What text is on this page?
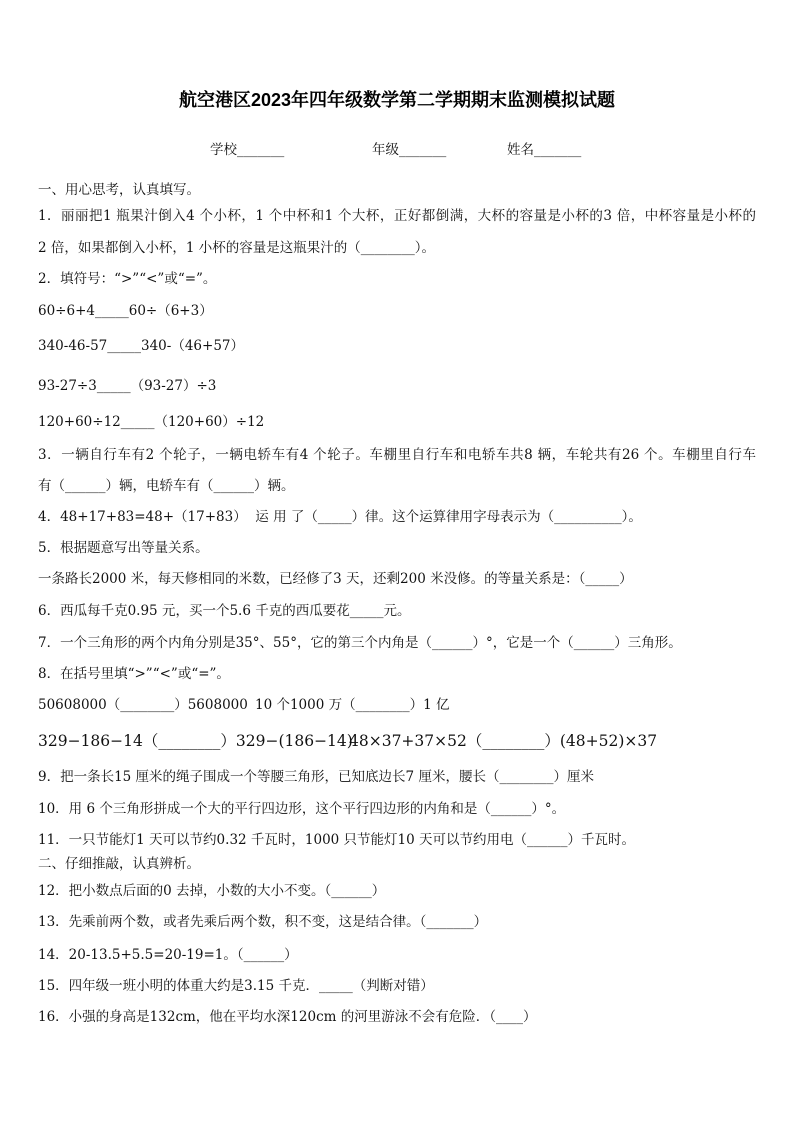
航空港区2023年四年级数学第二学期期末监测模拟试题
学校_______	年级_______	姓名_______
一、用心思考，认真填写。
1．丽丽把1 瓶果汁倒入4 个小杯，1 个中杯和1 个大杯，正好都倒满，大杯的容量是小杯的3 倍，中杯容量是小杯的
2 倍，如果都倒入小杯，1 小杯的容量是这瓶果汁的（________）。
2．填符号：“>”“<”或“=”。
60÷6+4_____60÷（6+3）
340-46-57_____340-（46+57）
93-27÷3_____（93-27）÷3
120+60÷12_____（120+60）÷12
3．一辆自行车有2 个轮子，一辆电轿车有4 个轮子。车棚里自行车和电轿车共8 辆，车轮共有26 个。车棚里自行车
有（______）辆，电轿车有（______）辆。
4．48+17+83=48+（17+83）  运 用 了（_____）律。这个运算律用字母表示为（__________）。
5．根据题意写出等量关系。
一条路长2000 米，每天修相同的米数，已经修了3 天，还剩200 米没修。的等量关系是：（_____）
6．西瓜每千克0.95 元，买一个5.6 千克的西瓜要花_____元。
7．一个三角形的两个内角分别是35°、55°，它的第三个内角是（______）°，它是一个（______）三角形。
8．在括号里填“>”“<”或“=”。
50608000（________）5608000 10 个1000 万（________）1 亿
329−186−14（________）329−(186−14)
48×37+37×52（________）(48+52)×37
9．把一条长15 厘米的绳子围成一个等腰三角形，已知底边长7 厘米，腰长（________）厘米
10．用 6 个三角形拼成一个大的平行四边形，这个平行四边形的内角和是（______）°。
11．一只节能灯1 天可以节约0.32 千瓦时，1000 只节能灯10 天可以节约用电（______）千瓦时。
二、仔细推敲，认真辨析。
12．把小数点后面的0 去掉，小数的大小不变。（______）
13．先乘前两个数，或者先乘后两个数，积不变，这是结合律。（_______）
14．20-13.5+5.5=20-19=1。（______）
15．四年级一班小明的体重大约是3.15 千克．_____（判断对错）
16．小强的身高是132cm，他在平均水深120cm 的河里游泳不会有危险．（____）
